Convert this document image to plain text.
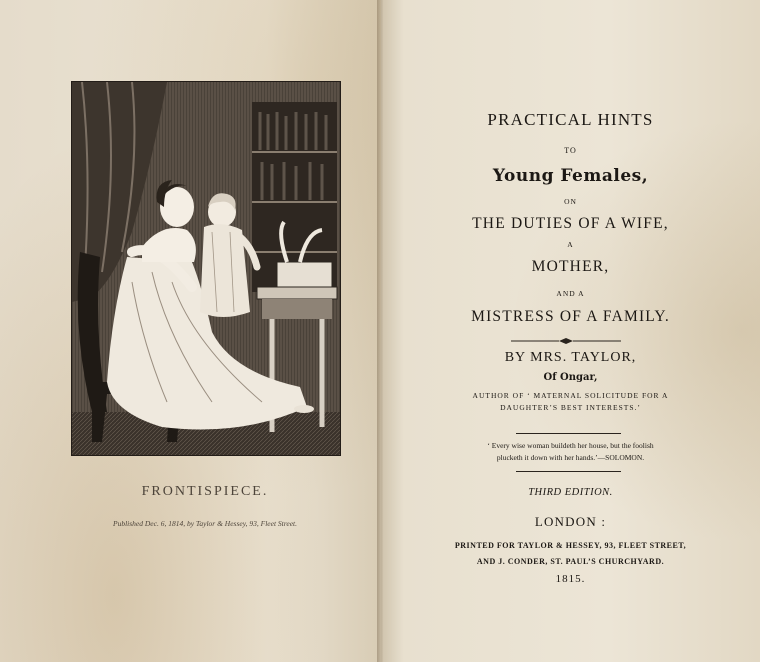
FRONTISPIECE.
Published Dec. 6, 1814, by Taylor & Hessey, 93, Fleet Street.
PRACTICAL HINTS
TO
Young Females,
ON
THE DUTIES OF A WIFE,
A
MOTHER,
AND A
MISTRESS OF A FAMILY.
BY MRS. TAYLOR,
Of Ongar,
AUTHOR OF ‘ MATERNAL SOLICITUDE FOR A
DAUGHTER’S BEST INTERESTS.’
‘ Every wise woman buildeth her house, but the foolish
plucketh it down with her hands.’—SOLOMON.
THIRD EDITION.
LONDON :
PRINTED FOR TAYLOR & HESSEY, 93, FLEET STREET,
AND J. CONDER, ST. PAUL’S CHURCHYARD.
1815.
